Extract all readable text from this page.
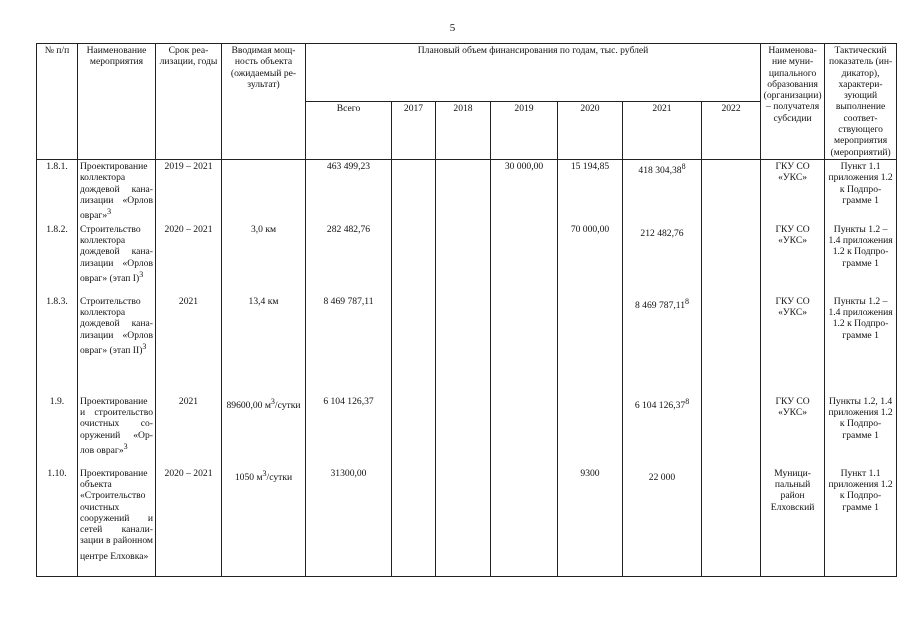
5
№ п/п	Наименование мероприятия	Срок реализации, годы	Вводимая мощность объекта (ожидаемый результат)	Плановый объем финансирования по годам, тыс. рублей							Наименование муниципального образования (организации) – получателя субсидии	Тактический показатель (индикатор), характеризующий выполнение соответствующего мероприятия (мероприятий)
				Всего	2017	2018	2019	2020	2021	2022		
1.8.1.	Проектирование коллектора дождевой канализации «Орлов овраг»$^3$	2019 – 2021		463 499,23			30 000,00	15 194,85	418 304,38$^8$		ГКУ СО «УКС»	Пункт 1.1 приложения 1.2 к Подпрограмме 1
1.8.2.	Строительство коллектора дождевой канализации «Орлов овраг» (этап I)$^3$	2020 – 2021	3,0 км	282 482,76				70 000,00	212 482,76		ГКУ СО «УКС»	Пункты 1.2 – 1.4 приложения 1.2 к Подпрограмме 1
1.8.3.	Строительство коллектора дождевой канализации «Орлов овраг» (этап II)$^3$	2021	13,4 км	8 469 787,11					8 469 787,11$^8$		ГКУ СО «УКС»	Пункты 1.2 – 1.4 приложения 1.2 к Подпрограмме 1
1.9.	Проектирование и строительство очистных сооружений «Орлов овраг»$^3$	2021	89600,00 $м^3$/сутки	6 104 126,37					6 104 126,37$^8$		ГКУ СО «УКС»	Пункты 1.2, 1.4 приложения 1.2 к Подпрограмме 1
1.10.	Проектирование объекта «Строительство очистных сооружений и сетей канализации в районном центре Елховка»	2020 – 2021	1050 $м^3$/сутки	31300,00				9300	22 000		Муниципальный район Елховский	Пункт 1.1 приложения 1.2 к Подпрограмме 1
